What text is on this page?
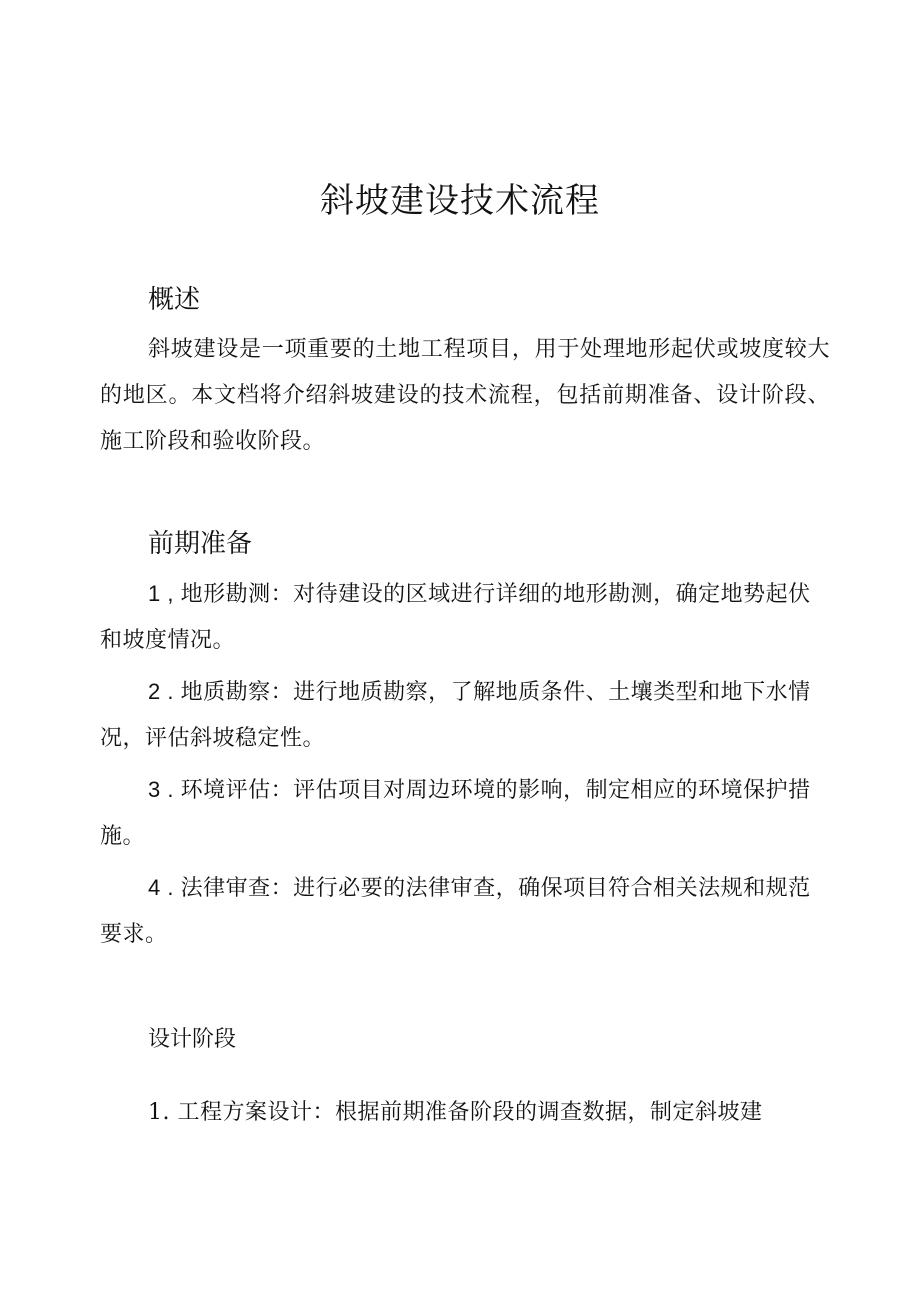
斜坡建设技术流程
概述

斜坡建设是一项重要的土地工程项目，用于处理地形起伏或坡度较大的地区。本文档将介绍斜坡建设的技术流程，包括前期准备、设计阶段、施工阶段和验收阶段。

前期准备

1 , 地形勘测：对待建设的区域进行详细的地形勘测，确定地势起伏和坡度情况。

2 . 地质勘察：进行地质勘察，了解地质条件、土壤类型和地下水情况，评估斜坡稳定性。

3 . 环境评估：评估项目对周边环境的影响，制定相应的环境保护措施。

4 . 法律审查：进行必要的法律审查，确保项目符合相关法规和规范要求。

设计阶段

1. 工程方案设计：根据前期准备阶段的调查数据，制定斜坡建
